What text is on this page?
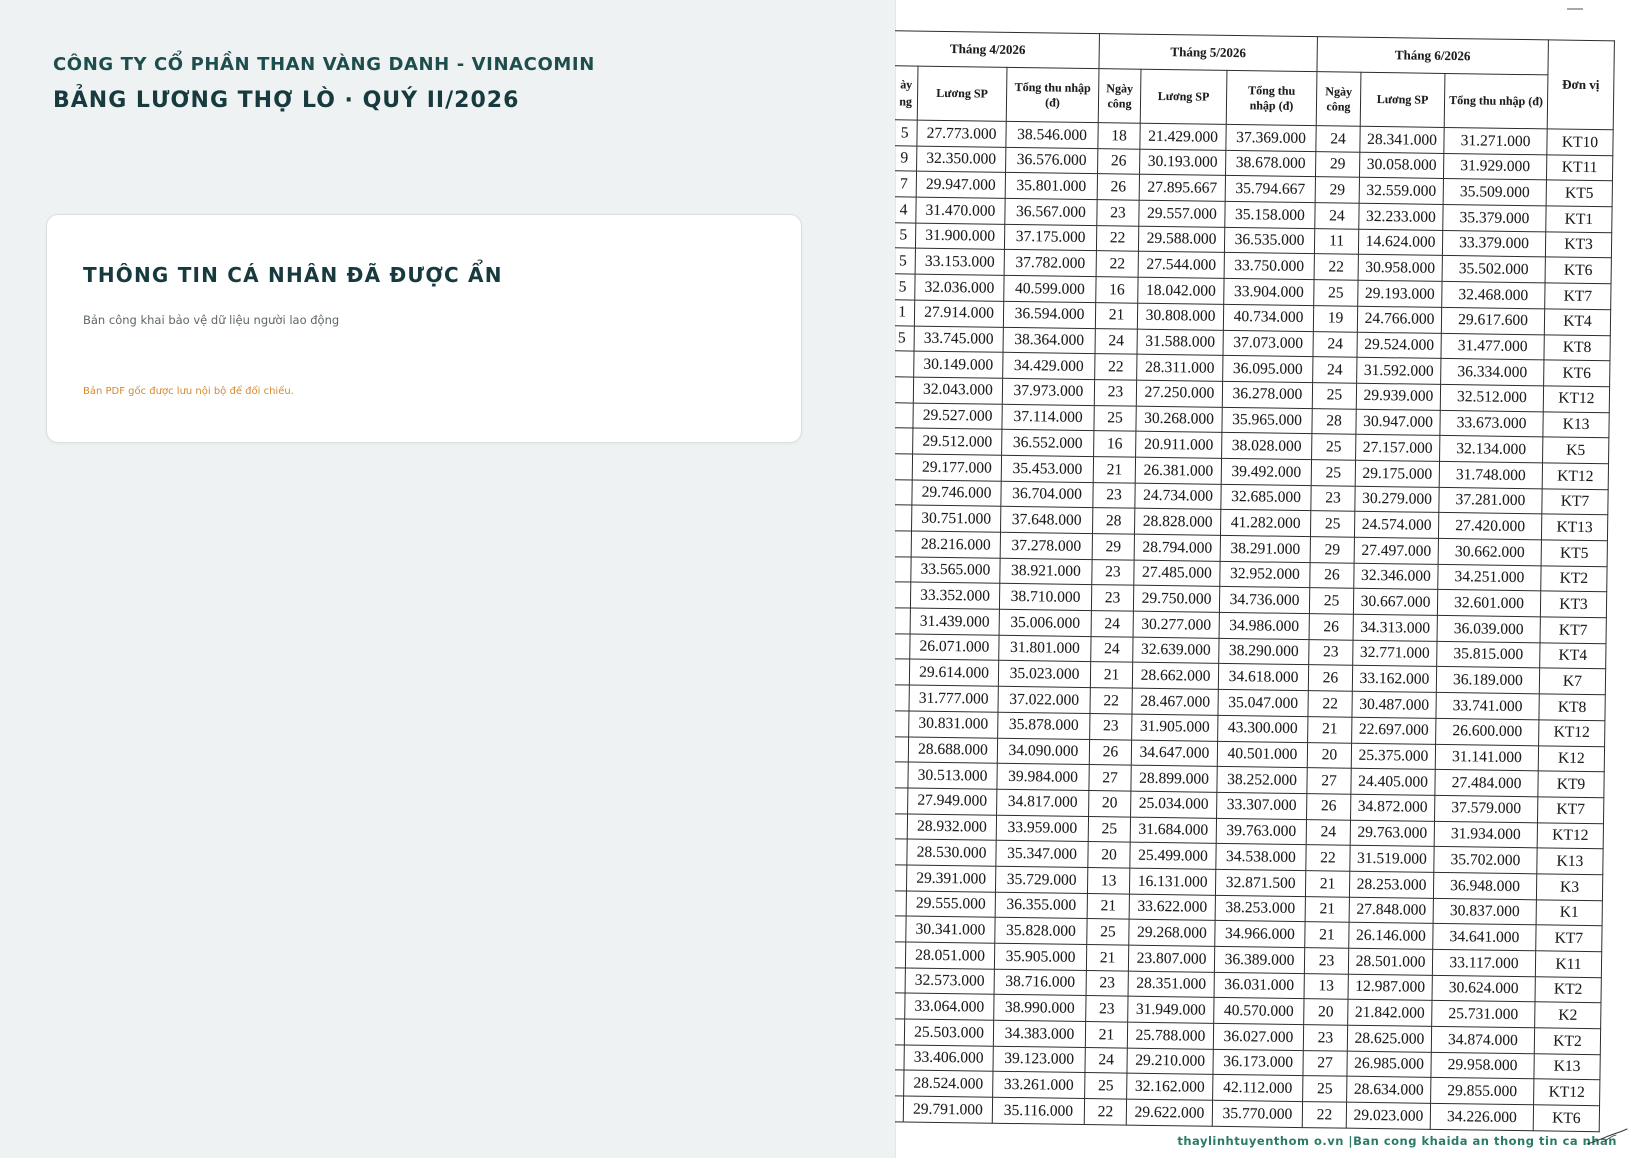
CÔNG TY CỔ PHẦN THAN VÀNG DANH - VINACOMIN
BẢNG LƯƠNG THỢ LÒ · QUÝ II/2026
THÔNG TIN CÁ NHÂN ĐÃ ĐƯỢC ẨN
Bản công khai bảo vệ dữ liệu người lao động
Bản PDF gốc được lưu nội bộ để đối chiếu.
Tháng 4/2026			Tháng 5/2026			Tháng 6/2026			Đơn vị

ày
ng	Lương SP	Tổng thu nhập (đ)	Ngày công	Lương SP	Tổng thu nhập (đ)	Ngày công	Lương SP	Tổng thu nhập (đ)	
5	27.773.000	38.546.000	18	21.429.000	37.369.000	24	28.341.000	31.271.000	KT10
9	32.350.000	36.576.000	26	30.193.000	38.678.000	29	30.058.000	31.929.000	KT11
7	29.947.000	35.801.000	26	27.895.667	35.794.667	29	32.559.000	35.509.000	KT5
4	31.470.000	36.567.000	23	29.557.000	35.158.000	24	32.233.000	35.379.000	KT1
5	31.900.000	37.175.000	22	29.588.000	36.535.000	11	14.624.000	33.379.000	KT3
5	33.153.000	37.782.000	22	27.544.000	33.750.000	22	30.958.000	35.502.000	KT6
5	32.036.000	40.599.000	16	18.042.000	33.904.000	25	29.193.000	32.468.000	KT7
1	27.914.000	36.594.000	21	30.808.000	40.734.000	19	24.766.000	29.617.600	KT4
5	33.745.000	38.364.000	24	31.588.000	37.073.000	24	29.524.000	31.477.000	KT8
	30.149.000	34.429.000	22	28.311.000	36.095.000	24	31.592.000	36.334.000	KT6
	32.043.000	37.973.000	23	27.250.000	36.278.000	25	29.939.000	32.512.000	KT12
	29.527.000	37.114.000	25	30.268.000	35.965.000	28	30.947.000	33.673.000	K13
	29.512.000	36.552.000	16	20.911.000	38.028.000	25	27.157.000	32.134.000	K5
	29.177.000	35.453.000	21	26.381.000	39.492.000	25	29.175.000	31.748.000	KT12
	29.746.000	36.704.000	23	24.734.000	32.685.000	23	30.279.000	37.281.000	KT7
	30.751.000	37.648.000	28	28.828.000	41.282.000	25	24.574.000	27.420.000	KT13
	28.216.000	37.278.000	29	28.794.000	38.291.000	29	27.497.000	30.662.000	KT5
	33.565.000	38.921.000	23	27.485.000	32.952.000	26	32.346.000	34.251.000	KT2
	33.352.000	38.710.000	23	29.750.000	34.736.000	25	30.667.000	32.601.000	KT3
	31.439.000	35.006.000	24	30.277.000	34.986.000	26	34.313.000	36.039.000	KT7
	26.071.000	31.801.000	24	32.639.000	38.290.000	23	32.771.000	35.815.000	KT4
	29.614.000	35.023.000	21	28.662.000	34.618.000	26	33.162.000	36.189.000	K7
	31.777.000	37.022.000	22	28.467.000	35.047.000	22	30.487.000	33.741.000	KT8
	30.831.000	35.878.000	23	31.905.000	43.300.000	21	22.697.000	26.600.000	KT12
	28.688.000	34.090.000	26	34.647.000	40.501.000	20	25.375.000	31.141.000	K12
	30.513.000	39.984.000	27	28.899.000	38.252.000	27	24.405.000	27.484.000	KT9
	27.949.000	34.817.000	20	25.034.000	33.307.000	26	34.872.000	37.579.000	KT7
	28.932.000	33.959.000	25	31.684.000	39.763.000	24	29.763.000	31.934.000	KT12
	28.530.000	35.347.000	20	25.499.000	34.538.000	22	31.519.000	35.702.000	K13
	29.391.000	35.729.000	13	16.131.000	32.871.500	21	28.253.000	36.948.000	K3
	29.555.000	36.355.000	21	33.622.000	38.253.000	21	27.848.000	30.837.000	K1
	30.341.000	35.828.000	25	29.268.000	34.966.000	21	26.146.000	34.641.000	KT7
	28.051.000	35.905.000	21	23.807.000	36.389.000	23	28.501.000	33.117.000	K11
	32.573.000	38.716.000	23	28.351.000	36.031.000	13	12.987.000	30.624.000	KT2
	33.064.000	38.990.000	23	31.949.000	40.570.000	20	21.842.000	25.731.000	K2
	25.503.000	34.383.000	21	25.788.000	36.027.000	23	28.625.000	34.874.000	KT2
	33.406.000	39.123.000	24	29.210.000	36.173.000	27	26.985.000	29.958.000	K13
	28.524.000	33.261.000	25	32.162.000	42.112.000	25	28.634.000	29.855.000	KT12
	29.791.000	35.116.000	22	29.622.000	35.770.000	22	29.023.000	34.226.000	KT6
thaylinhtuyenthom o.vn |Ban cong khaida an thong tin ca nhan
